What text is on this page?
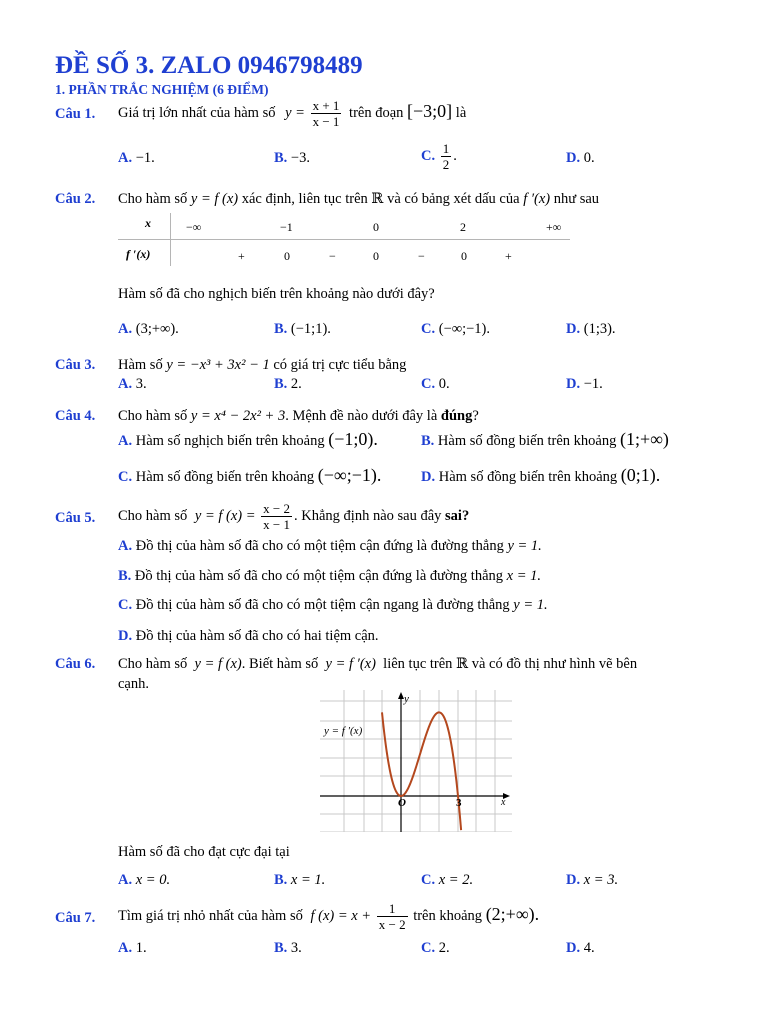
ĐỀ SỐ 3. ZALO 0946798489
1. PHẦN TRẮC NGHIỆM (6 ĐIỂM)
Câu 1. Giá trị lớn nhất của hàm số $y = \frac{x + 1}{x - 1}$ trên đoạn [−3;0] là
A. −1.	B. −3.	C. $\frac{1}{2}$ .	D. 0.
Câu 2. Cho hàm số y = f (x) xác định, liên tục trên ℝ và có bảng xét dấu của f ′(x) như sau
x	−∞	−1	0	2	+∞
f ′(x)	+	0	−	0	−	0	+
Hàm số đã cho nghịch biến trên khoảng nào dưới đây?
A. (3;+∞).	B. (−1;1).	C. (−∞;−1).	D. (1;3).
Câu 3. Hàm số y = −x³ + 3x² − 1 có giá trị cực tiểu bằng
A. 3.	B. 2.	C. 0.	D. −1.
Câu 4. Cho hàm số y = x⁴ − 2x² + 3. Mệnh đề nào dưới đây là đúng?
A. Hàm số nghịch biến trên khoảng (−1;0).	B. Hàm số đồng biến trên khoảng (1;+∞)
C. Hàm số đồng biến trên khoảng (−∞;−1).	D. Hàm số đồng biến trên khoảng (0;1).
Câu 5. Cho hàm số y = f $(x) = \frac{x - 2}{x - 1}$ . Khẳng định nào sau đây sai?
A. Đồ thị của hàm số đã cho có một tiệm cận đứng là đường thẳng y = 1.
B. Đồ thị của hàm số đã cho có một tiệm cận đứng là đường thẳng x = 1.
C. Đồ thị của hàm số đã cho có một tiệm cận ngang là đường thẳng y = 1.
D. Đồ thị của hàm số đã cho có hai tiệm cận.
Câu 6. Cho hàm số y = f (x). Biết hàm số y = f ′(x) liên tục trên ℝ và có đồ thị như hình vẽ bên
cạnh.
y
x
O	3
y = f ′(x)
Hàm số đã cho đạt cực đại tại
A. x = 0.	B. x = 1.	C. x = 2.	D. x = 3.
Câu 7. Tìm giá trị nhỏ nhất của hàm số f $(x) = x + \frac{1}{x - 2}$ trên khoảng (2;+∞).
A. 1.	B. 3.	C. 2.	D. 4.
